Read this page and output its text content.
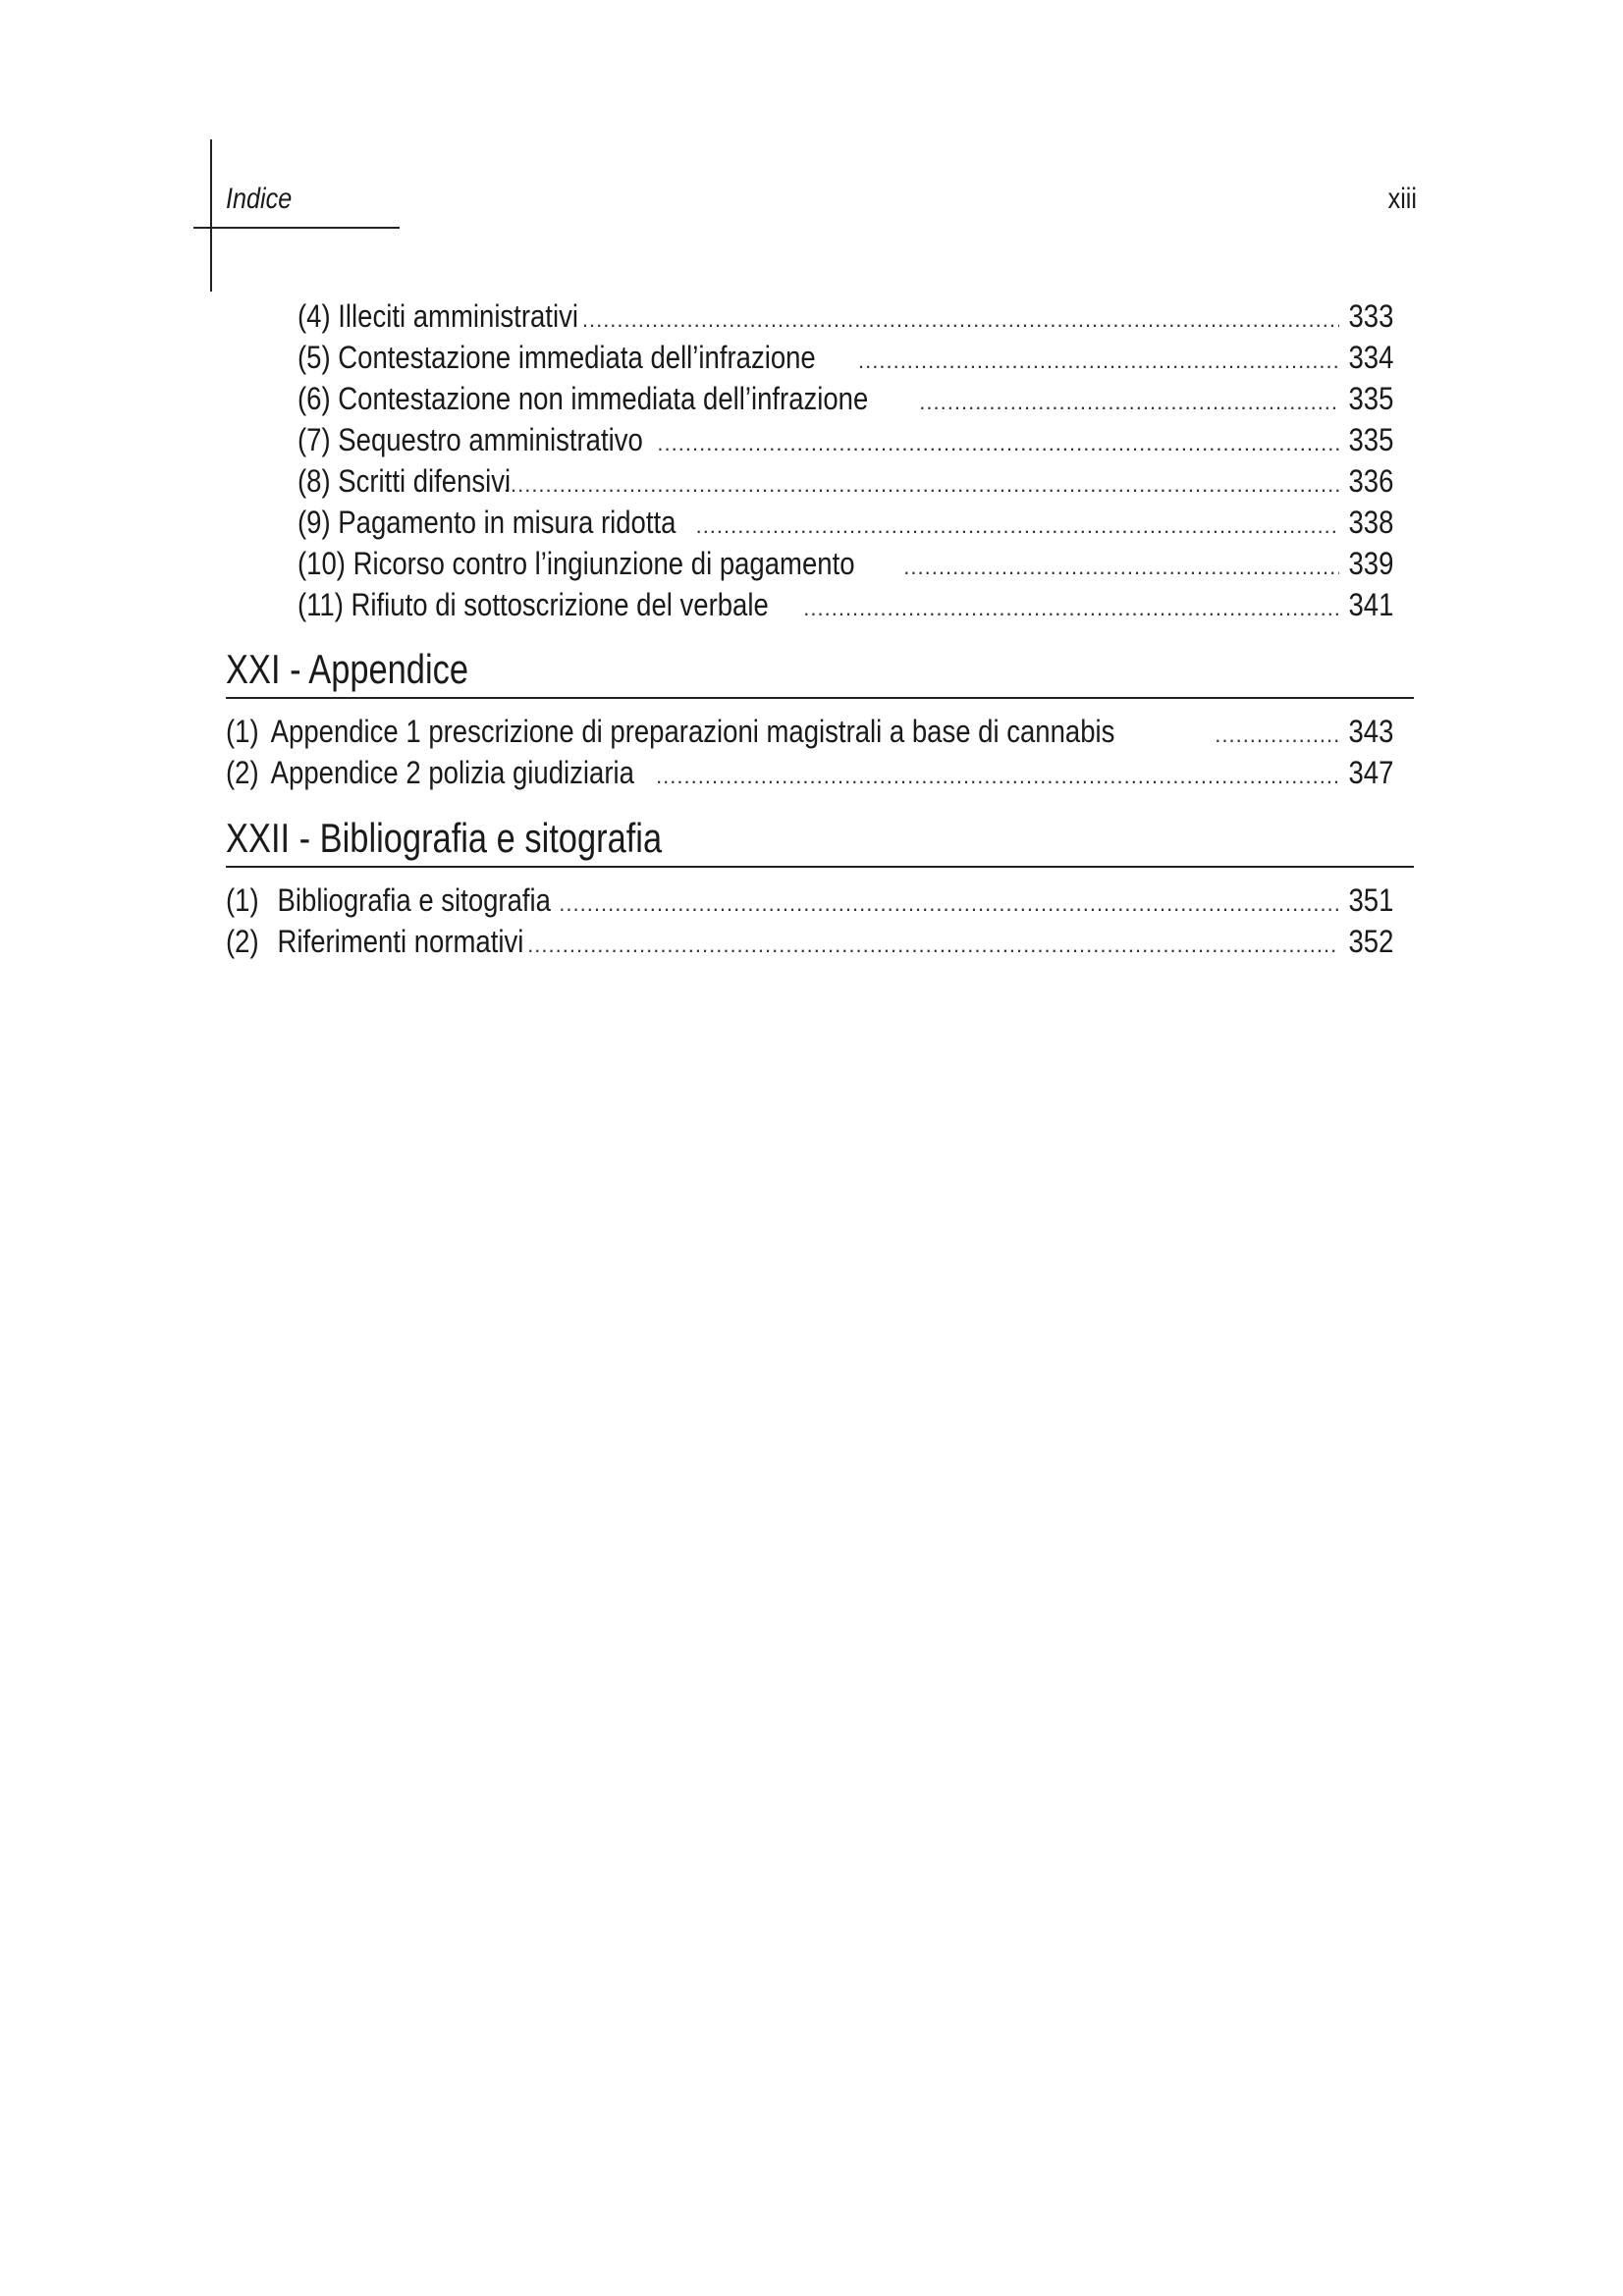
Indice	xiii
(4) Illeciti amministrativi .....	333
(5) Contestazione immediata dell’infrazione .....	334
(6) Contestazione non immediata dell’infrazione .....	335
(7) Sequestro amministrativo .....	335
(8) Scritti difensivi .....	336
(9) Pagamento in misura ridotta .....	338
(10) Ricorso contro l’ingiunzione di pagamento .....	339
(11) Rifiuto di sottoscrizione del verbale .....	341
XXI - Appendice
(1) Appendice 1 prescrizione di preparazioni magistrali a base di cannabis .....	343
(2) Appendice 2 polizia giudiziaria .....	347
XXII - Bibliografia e sitografia
(1) Bibliografia e sitografia .....	351
(2) Riferimenti normativi .....	352
